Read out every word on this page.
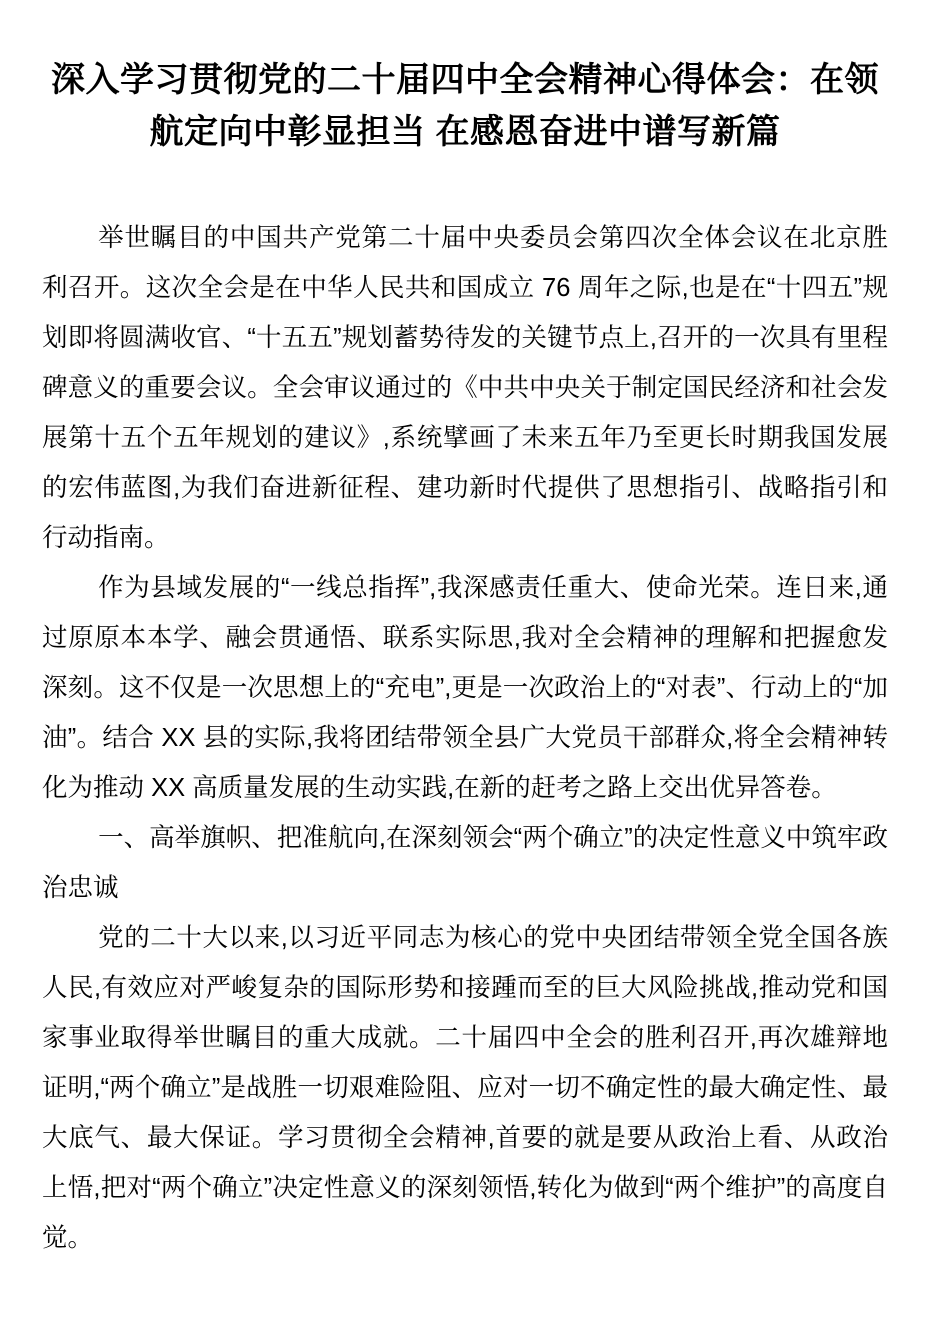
深入学习贯彻党的二十届四中全会精神心得体会：在领航定向中彰显担当 在感恩奋进中谱写新篇

举世瞩目的中国共产党第二十届中央委员会第四次全体会议在北京胜利召开。这次全会是在中华人民共和国成立 76 周年之际,也是在“十四五”规划即将圆满收官、“十五五”规划蓄势待发的关键节点上,召开的一次具有里程碑意义的重要会议。全会审议通过的《中共中央关于制定国民经济和社会发展第十五个五年规划的建议》,系统擘画了未来五年乃至更长时期我国发展的宏伟蓝图,为我们奋进新征程、建功新时代提供了思想指引、战略指引和行动指南。

作为县域发展的“一线总指挥”,我深感责任重大、使命光荣。连日来,通过原原本本学、融会贯通悟、联系实际思,我对全会精神的理解和把握愈发深刻。这不仅是一次思想上的“充电”,更是一次政治上的“对表”、行动上的“加油”。结合 XX 县的实际,我将团结带领全县广大党员干部群众,将全会精神转化为推动 XX 高质量发展的生动实践,在新的赶考之路上交出优异答卷。

一、高举旗帜、把准航向,在深刻领会“两个确立”的决定性意义中筑牢政治忠诚

党的二十大以来,以习近平同志为核心的党中央团结带领全党全国各族人民,有效应对严峻复杂的国际形势和接踵而至的巨大风险挑战,推动党和国家事业取得举世瞩目的重大成就。二十届四中全会的胜利召开,再次雄辩地证明,“两个确立”是战胜一切艰难险阻、应对一切不确定性的最大确定性、最大底气、最大保证。学习贯彻全会精神,首要的就是要从政治上看、从政治上悟,把对“两个确立”决定性意义的深刻领悟,转化为做到“两个维护”的高度自觉。
